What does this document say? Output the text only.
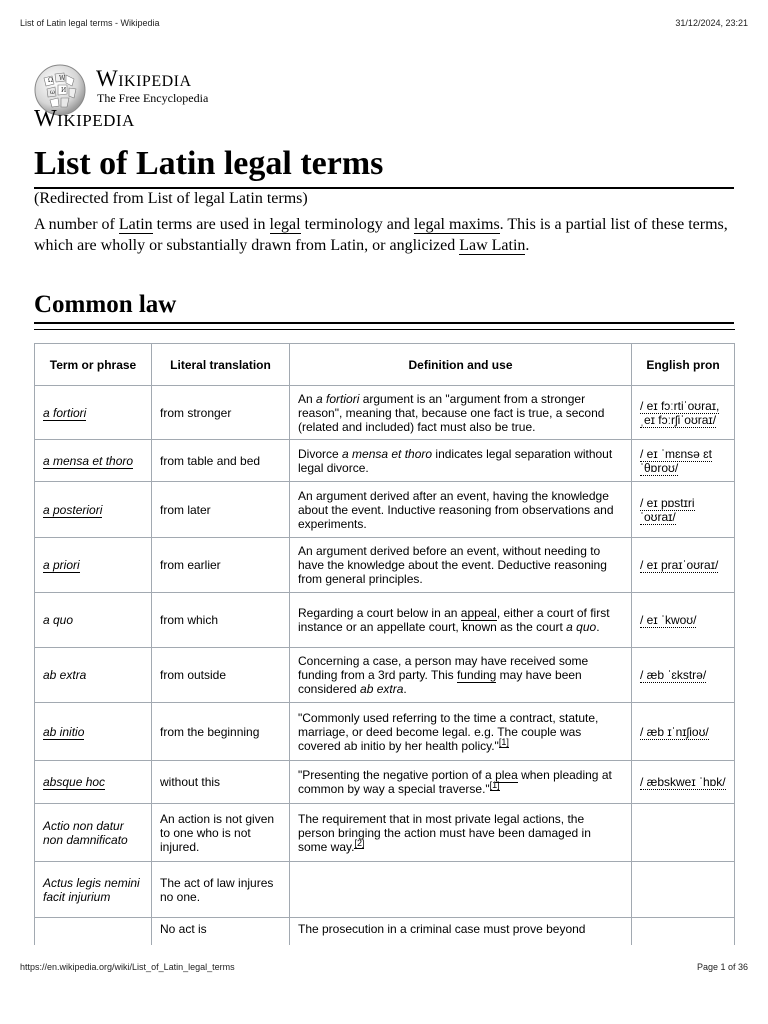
List of Latin legal terms - Wikipedia	31/12/2024, 23:21
Ω W
И
ω
Wikipedia
The Free Encyclopedia
Wikipedia
List of Latin legal terms
(Redirected from List of legal Latin terms)

A number of Latin terms are used in legal terminology and legal maxims. This is a partial list of these terms, which are wholly or substantially drawn from Latin, or anglicized Law Latin.

Common law
Term or phrase	Literal translation	Definition and use	English pron
a fortiori	from stronger	An a fortiori argument is an "argument from a stronger reason", meaning that, because one fact is true, a second (related and included) fact must also be true.	/ eɪ fɔːrtiˈoʊraɪ, ˌeɪ fɔːrʃiˈoʊraɪ/
a mensa et thoro	from table and bed	Divorce a mensa et thoro indicates legal separation without legal divorce.	/ eɪ ˈmɛnsə ɛt ˈθɒroʊ/
a posteriori	from later	An argument derived after an event, having the knowledge about the event. Inductive reasoning from observations and experiments.	/ eɪ pɒstɪriˈoʊraɪ/
a priori	from earlier	An argument derived before an event, without needing to have the knowledge about the event. Deductive reasoning from general principles.	/ eɪ praɪˈoʊraɪ/
a quo	from which	Regarding a court below in an appeal, either a court of first instance or an appellate court, known as the court a quo.	/ eɪ ˈkwoʊ/
ab extra	from outside	Concerning a case, a person may have received some funding from a 3rd party. This funding may have been considered ab extra.	/ æb ˈɛkstrə/
ab initio	from the beginning	"Commonly used referring to the time a contract, statute, marriage, or deed become legal. e.g. The couple was covered ab initio by her health policy."[1]	/ æb ɪˈnɪʃioʊ/
absque hoc	without this	"Presenting the negative portion of a plea when pleading at common by way a special traverse."[1]	/ æbskweɪ ˈhɒk/
Actio non datur non damnificato	An action is not given to one who is not injured.	The requirement that in most private legal actions, the person bringing the action must have been damaged in some way.[2]	
Actus legis nemini facit injurium	The act of law injures no one.		
	No act is	The prosecution in a criminal case must prove beyond	
https://en.wikipedia.org/wiki/List_of_Latin_legal_terms	Page 1 of 36
